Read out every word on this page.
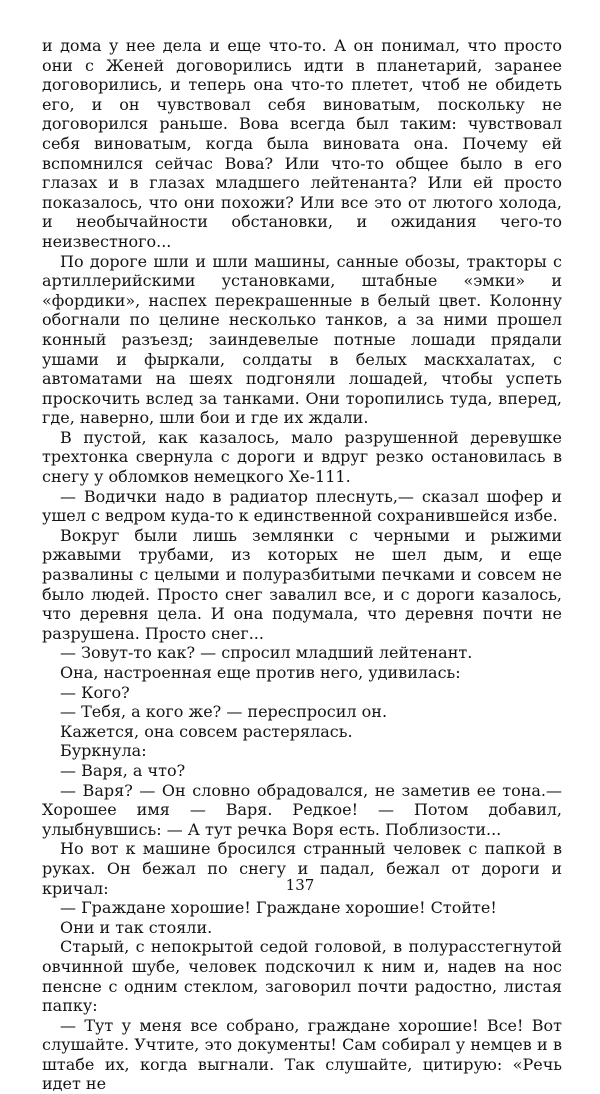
и дома у нее дела и еще что-то. А он понимал, что просто они с Женей договорились идти в планетарий, заранее договорились, и теперь она что-то плетет, чтоб не обидеть его, и он чувствовал себя виноватым, поскольку не договорился раньше. Вова всегда был таким: чувствовал себя виноватым, когда была виновата она. Почему ей вспомнился сейчас Вова? Или что-то общее было в его глазах и в глазах младшего лейтенанта? Или ей просто показалось, что они похожи? Или все это от лютого холода, и необычайности обстановки, и ожидания чего-то неизвестного...

По дороге шли и шли машины, санные обозы, тракторы с артиллерийскими установками, штабные «эмки» и «фордики», наспех перекрашенные в белый цвет. Колонну обогнали по целине несколько танков, а за ними прошел конный разъезд; заиндевелые потные лошади прядали ушами и фыркали, солдаты в белых маскхалатах, с автоматами на шеях подгоняли лошадей, чтобы успеть проскочить вслед за танками. Они торопились туда, вперед, где, наверно, шли бои и где их ждали.

В пустой, как казалось, мало разрушенной деревушке трехтонка свернула с дороги и вдруг резко остановилась в снегу у обломков немецкого Хе-111.

— Водички надо в радиатор плеснуть,— сказал шофер и ушел с ведром куда-то к единственной сохранившейся избе.

Вокруг были лишь землянки с черными и рыжими ржавыми трубами, из которых не шел дым, и еще развалины с целыми и полуразбитыми печками и совсем не было людей. Просто снег завалил все, и с дороги казалось, что деревня цела. И она подумала, что деревня почти не разрушена. Просто снег...

— Зовут-то как? — спросил младший лейтенант.

Она, настроенная еще против него, удивилась:

— Кого?

— Тебя, а кого же? — переспросил он.

Кажется, она совсем растерялась.

Буркнула:

— Варя, а что?

— Варя? — Он словно обрадовался, не заметив ее тона.— Хорошее имя — Варя. Редкое! — Потом добавил, улыбнувшись: — А тут речка Воря есть. Поблизости...

Но вот к машине бросился странный человек с папкой в руках. Он бежал по снегу и падал, бежал от дороги и кричал:

— Граждане хорошие! Граждане хорошие! Стойте!

Они и так стояли.

Старый, с непокрытой седой головой, в полурасстегнутой овчинной шубе, человек подскочил к ним и, надев на нос пенсне с одним стеклом, заговорил почти радостно, листая папку:

— Тут у меня все собрано, граждане хорошие! Все! Вот слушайте. Учтите, это документы! Сам собирал у немцев и в штабе их, когда выгнали. Так слушайте, цитирую: «Речь идет не

137
